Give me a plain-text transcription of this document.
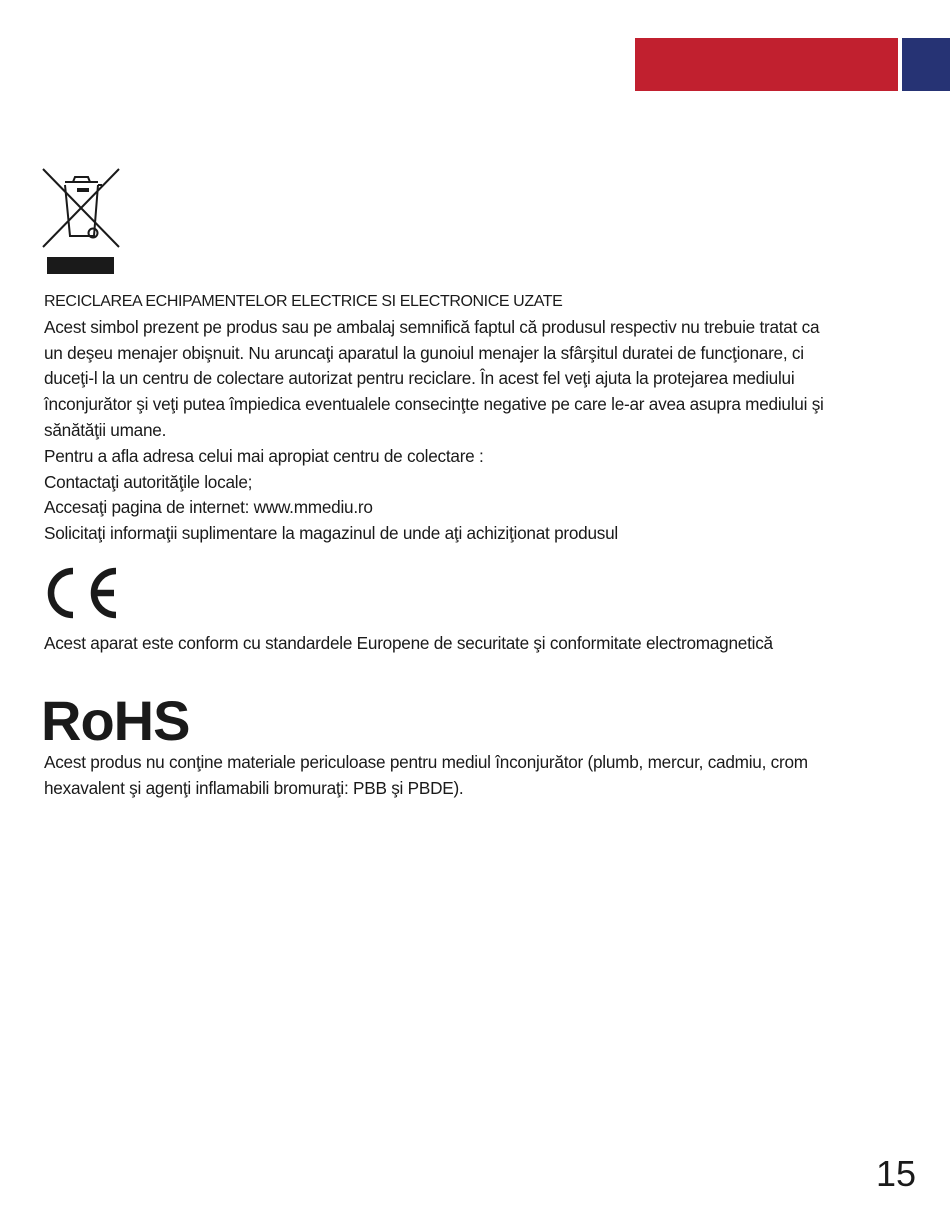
RECICLAREA ECHIPAMENTELOR ELECTRICE SI ELECTRONICE UZATE

Acest simbol prezent pe produs sau pe ambalaj semnifică faptul că produsul respectiv nu trebuie tratat ca

un deşeu menajer obişnuit. Nu aruncaţi aparatul la gunoiul menajer la sfârşitul duratei de funcţionare, ci

duceţi-l la un centru de colectare autorizat pentru reciclare. În acest fel veţi ajuta la protejarea mediului

înconjurător şi veţi putea împiedica eventualele consecinţte negative pe care le-ar avea asupra mediului şi

sănătăţii umane.

Pentru a afla adresa celui mai apropiat centru de colectare :

Contactaţi autorităţile locale;

Accesaţi pagina de internet: www.mmediu.ro

Solicitaţi informaţii suplimentare la magazinul de unde aţi achiziţionat produsul

Acest aparat este conform cu standardele Europene de securitate şi conformitate electromagnetică

RoHS

Acest produs nu conţine materiale periculoase pentru mediul înconjurător (plumb, mercur, cadmiu, crom

hexavalent şi agenţi inflamabili bromuraţi: PBB şi PBDE).

15
